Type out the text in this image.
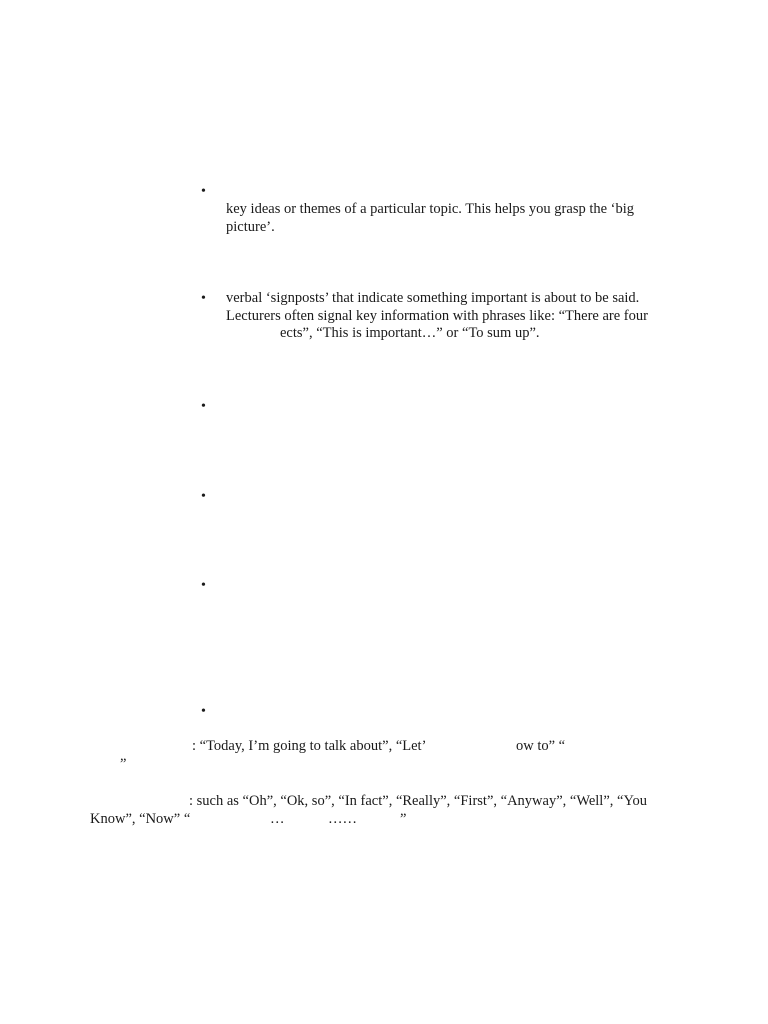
•
key ideas or themes of a particular topic. This helps you grasp the ‘big
picture’.
• verbal ‘signposts’ that indicate something important is about to be said.
Lecturers often signal key information with phrases like: “There are four
ects”, “This is important…” or “To sum up”.
•
•
•
•
: “Today, I’m going to talk about”, “Let’	ow to” “
”
: such as “Oh”, “Ok, so”, “In fact”, “Really”, “First”, “Anyway”, “Well”, “You
Know”, “Now” “	…	……	”
